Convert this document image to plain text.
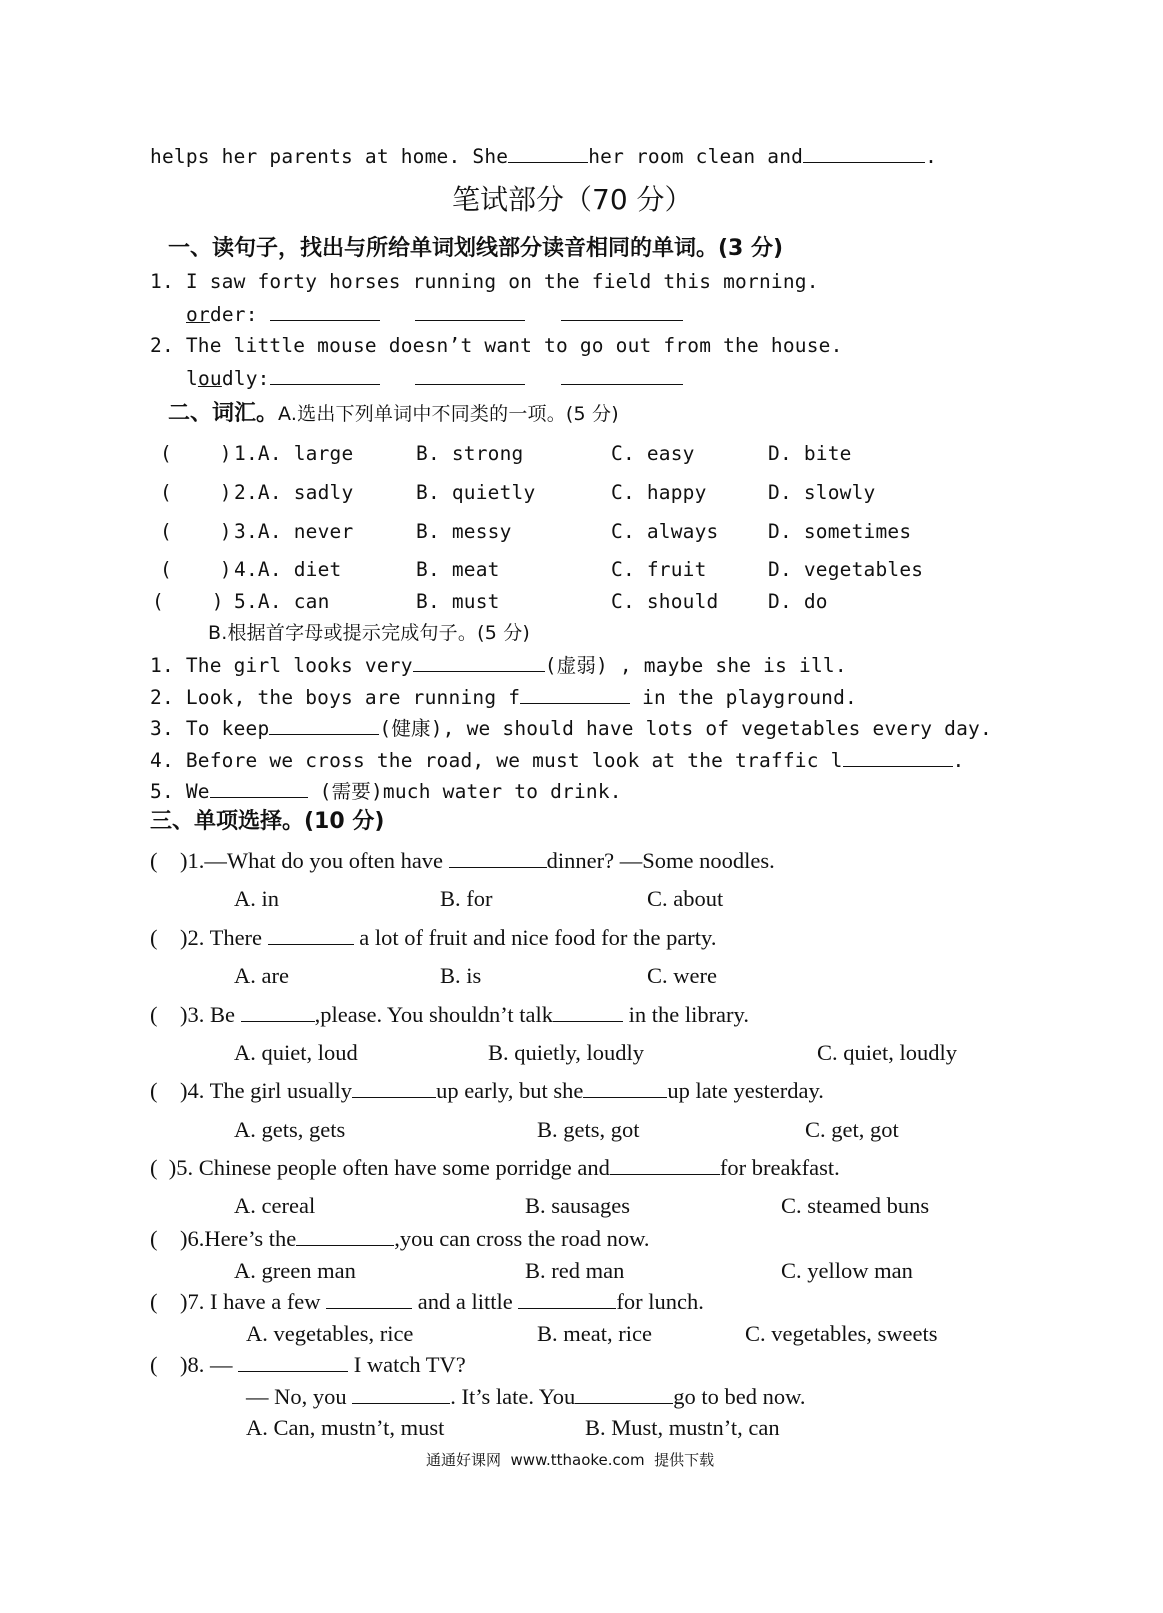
helps her parents at home. She	her room clean and	.
笔试部分（70 分）
一、读句子，找出与所给单词划线部分读音相同的单词。(3 分)
1. I saw forty horses running on the field this morning.
order:
2. The little mouse doesn’t want to go out from the house.
loudly:
二、词汇。A.选出下列单词中不同类的一项。(5 分)
(    ) 1.A. large	B. strong	C. easy	D. bite
(    ) 2.A. sadly	B. quietly	C. happy	D. slowly
(    ) 3.A. never	B. messy	C. always	D. sometimes
(    ) 4.A. diet	B. meat	C. fruit	D. vegetables
(    ) 5.A. can	B. must	C. should	D. do
B.根据首字母或提示完成句子。(5 分)
1. The girl looks very	(虚弱) , maybe she is ill.
2. Look, the boys are running f	in the playground.
3. To keep	(健康), we should have lots of vegetables every day.
4. Before we cross the road, we must look at the traffic l	.
5. We	(需要)much water to drink.
三、单项选择。(10 分)
(    )1.—What do you often have	dinner? —Some noodles.
A. in	B. for	C. about
(    )2. There	a lot of fruit and nice food for the party.
A. are	B. is	C. were
(    )3. Be	,please. You shouldn’t talk	in the library.
A. quiet, loud	B. quietly, loudly	C. quiet, loudly
(    )4. The girl usually	up early, but she	up late yesterday.
A. gets, gets	B. gets, got	C. get, got
(  )5. Chinese people often have some porridge and	for breakfast.
A. cereal	B. sausages	C. steamed buns
(    )6.Here’s the	,you can cross the road now.
A. green man	B. red man	C. yellow man
(    )7. I have a few	and a little	for lunch.
A. vegetables, rice	B. meat, rice	C. vegetables, sweets
(    )8. —	I watch TV?
— No, you	. It’s late. You	go to bed now.
A. Can, mustn’t, must	B. Must, mustn’t, can
通通好课网  www.tthaoke.com  提供下载
